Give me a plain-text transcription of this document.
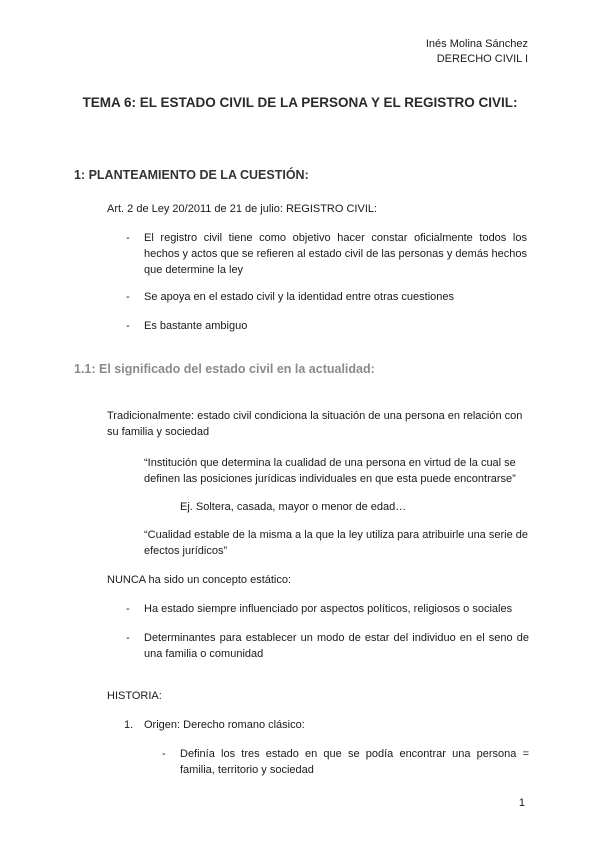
Inés Molina Sánchez
DERECHO CIVIL I
TEMA 6: EL ESTADO CIVIL DE LA PERSONA Y EL REGISTRO CIVIL:
1: PLANTEAMIENTO DE LA CUESTIÓN:
Art. 2 de Ley 20/2011 de 21 de julio: REGISTRO CIVIL:
- El registro civil tiene como objetivo hacer constar oficialmente todos los hechos y actos que se refieren al estado civil de las personas y demás hechos que determine la ley
- Se apoya en el estado civil y la identidad entre otras cuestiones
- Es bastante ambiguo
1.1: El significado del estado civil en la actualidad:
Tradicionalmente: estado civil condiciona la situación de una persona en relación con su familia y sociedad
“Institución que determina la cualidad de una persona en virtud de la cual se definen las posiciones jurídicas individuales en que esta puede encontrarse”
Ej. Soltera, casada, mayor o menor de edad…
“Cualidad estable de la misma a la que la ley utiliza para atribuirle una serie de efectos jurídicos”
NUNCA ha sido un concepto estático:
- Ha estado siempre influenciado por aspectos políticos, religiosos o sociales
- Determinantes para establecer un modo de estar del individuo en el seno de una familia o comunidad
HISTORIA:
1. Origen: Derecho romano clásico:
- Definía los tres estado en que se podía encontrar una persona = familia, territorio y sociedad
1
